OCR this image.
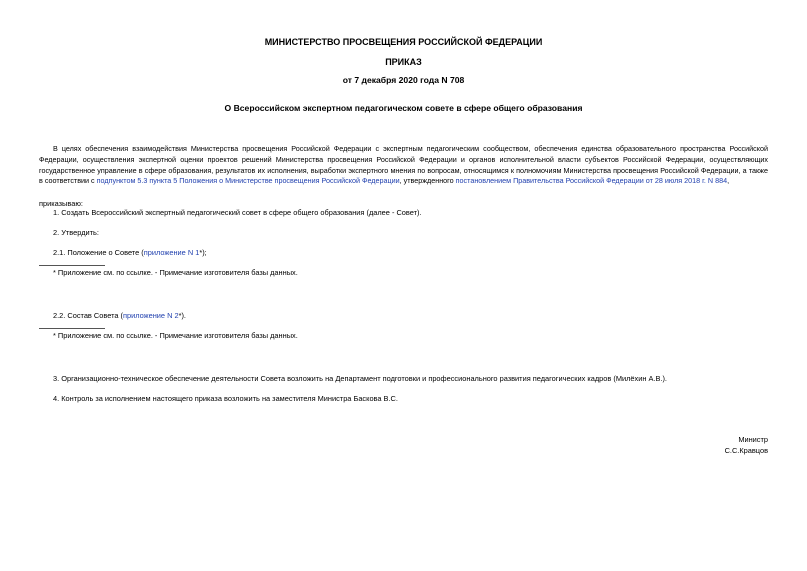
МИНИСТЕРСТВО ПРОСВЕЩЕНИЯ РОССИЙСКОЙ ФЕДЕРАЦИИ
ПРИКАЗ
от 7 декабря 2020 года N 708
О Всероссийском экспертном педагогическом совете в сфере общего образования
В целях обеспечения взаимодействия Министерства просвещения Российской Федерации с экспертным педагогическим сообществом, обеспечения единства образовательного пространства Российской Федерации, осуществления экспертной оценки проектов решений Министерства просвещения Российской Федерации и органов исполнительной власти субъектов Российской Федерации, осуществляющих государственное управление в сфере образования, результатов их исполнения, выработки экспертного мнения по вопросам, относящимся к полномочиям Министерства просвещения Российской Федерации, а также в соответствии с подпунктом 5.3 пункта 5 Положения о Министерстве просвещения Российской Федерации, утвержденного постановлением Правительства Российской Федерации от 28 июля 2018 г. N 884,
приказываю:
1. Создать Всероссийский экспертный педагогический совет в сфере общего образования (далее - Совет).
2. Утвердить:
2.1. Положение о Совете (приложение N 1*);
* Приложение см. по ссылке. - Примечание изготовителя базы данных.
2.2. Состав Совета (приложение N 2*).
* Приложение см. по ссылке. - Примечание изготовителя базы данных.
3. Организационно-техническое обеспечение деятельности Совета возложить на Департамент подготовки и профессионального развития педагогических кадров (Милёхин А.В.).
4. Контроль за исполнением настоящего приказа возложить на заместителя Министра Баскова В.С.
Министр
С.С.Кравцов
